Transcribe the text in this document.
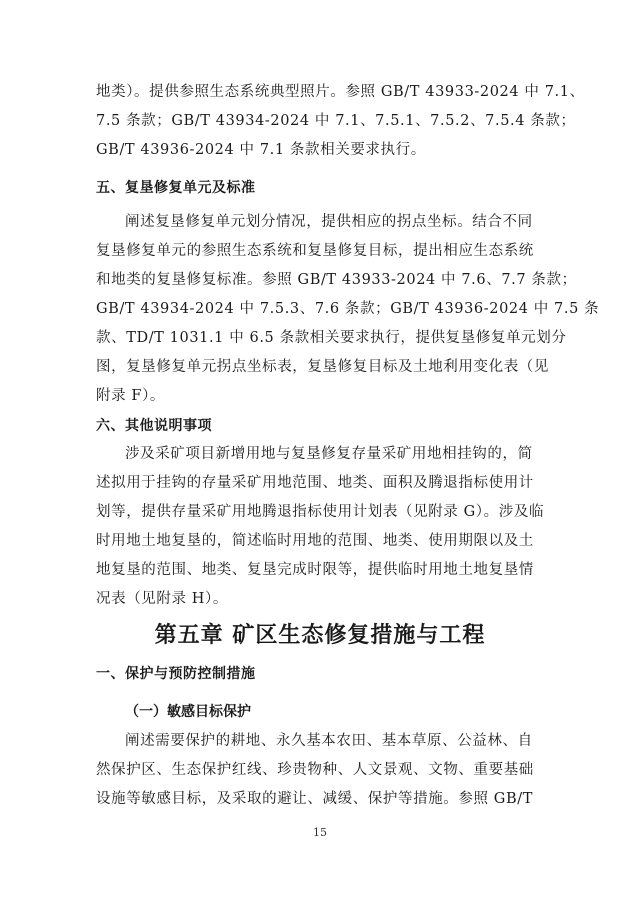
地类）。提供参照生态系统典型照片。参照 GB/T 43933-2024 中 7.1、
7.5 条款；GB/T 43934-2024 中 7.1、7.5.1、7.5.2、7.5.4 条款；
GB/T 43936-2024 中 7.1 条款相关要求执行。
五、复垦修复单元及标准
阐述复垦修复单元划分情况，提供相应的拐点坐标。结合不同
复垦修复单元的参照生态系统和复垦修复目标，提出相应生态系统
和地类的复垦修复标准。参照 GB/T 43933-2024 中 7.6、7.7 条款；
GB/T 43934-2024 中 7.5.3、7.6 条款；GB/T 43936-2024 中 7.5 条
款、TD/T 1031.1 中 6.5 条款相关要求执行，提供复垦修复单元划分
图，复垦修复单元拐点坐标表，复垦修复目标及土地利用变化表（见
附录 F）。
六、其他说明事项
涉及采矿项目新增用地与复垦修复存量采矿用地相挂钩的，简
述拟用于挂钩的存量采矿用地范围、地类、面积及腾退指标使用计
划等，提供存量采矿用地腾退指标使用计划表（见附录 G）。涉及临
时用地土地复垦的，简述临时用地的范围、地类、使用期限以及土
地复垦的范围、地类、复垦完成时限等，提供临时用地土地复垦情
况表（见附录 H）。
第五章 矿区生态修复措施与工程
一、保护与预防控制措施
（一）敏感目标保护
阐述需要保护的耕地、永久基本农田、基本草原、公益林、自
然保护区、生态保护红线、珍贵物种、人文景观、文物、重要基础
设施等敏感目标，及采取的避让、减缓、保护等措施。参照 GB/T
15
